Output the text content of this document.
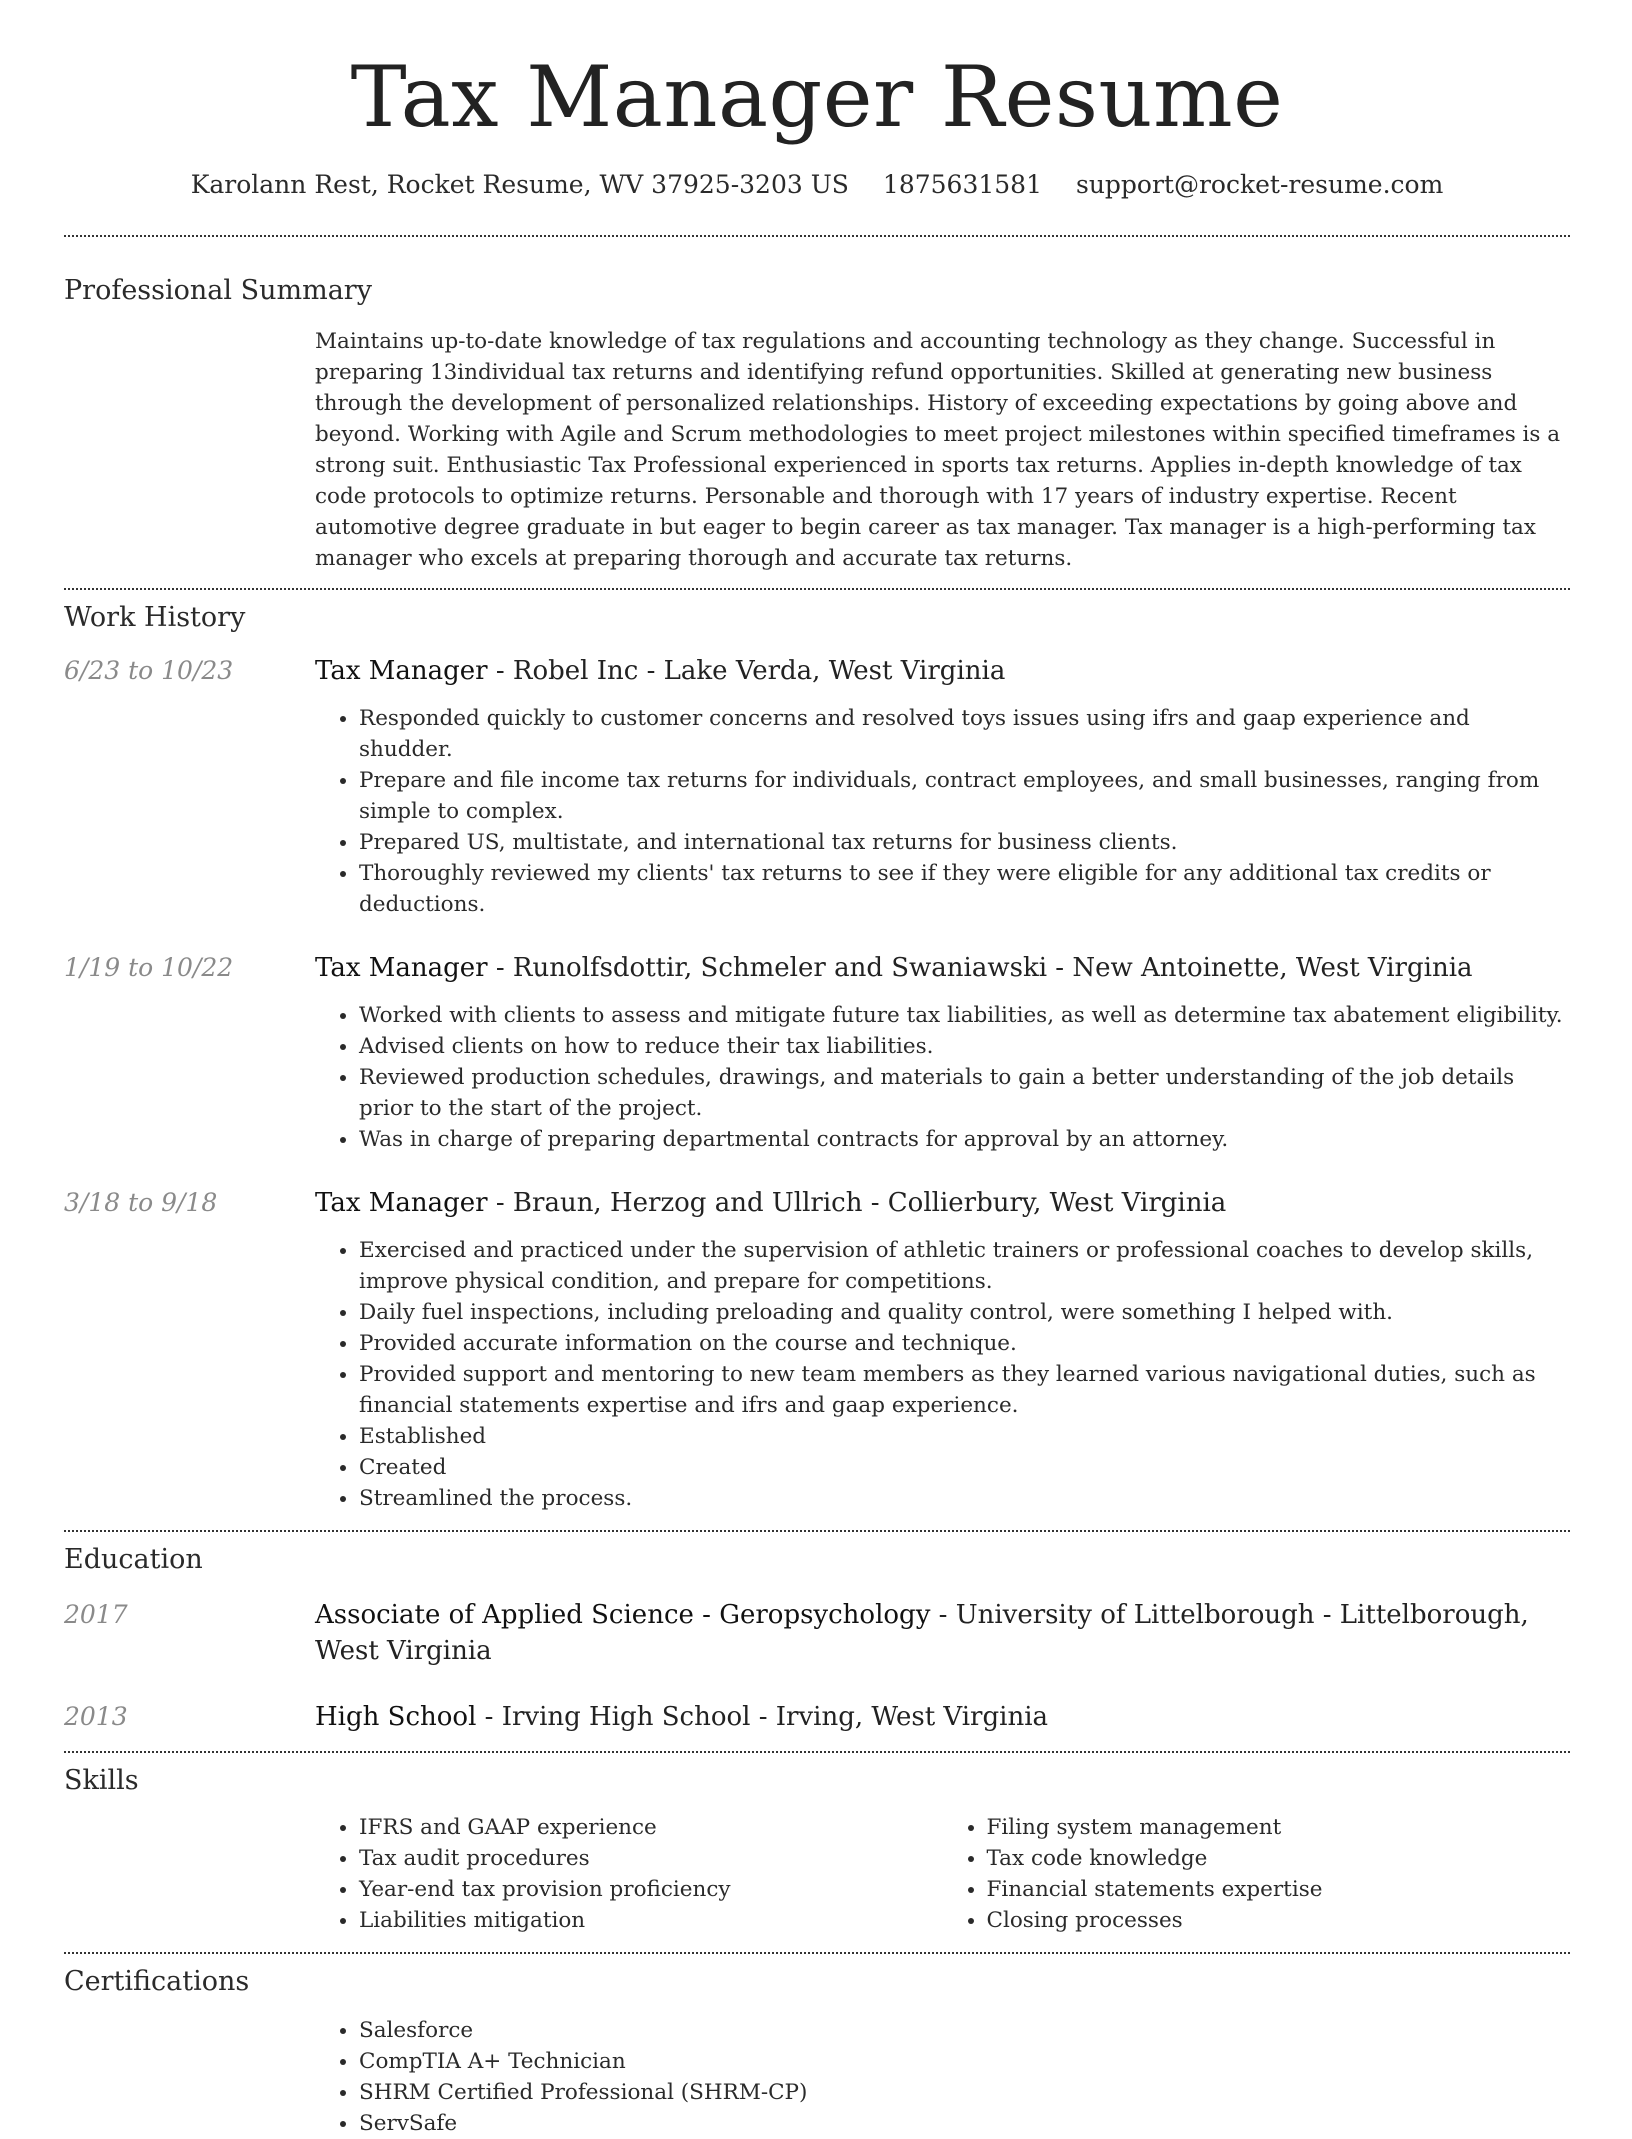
Tax Manager Resume
Karolann Rest, Rocket Resume, WV 37925-3203 US 1875631581 support@rocket-resume.com
Professional Summary

Maintains up-to-date knowledge of tax regulations and accounting technology as they change. Successful in preparing 13individual tax returns and identifying refund opportunities. Skilled at generating new business through the development of personalized relationships. History of exceeding expectations by going above and beyond. Working with Agile and Scrum methodologies to meet project milestones within specified timeframes is a strong suit. Enthusiastic Tax Professional experienced in sports tax returns. Applies in-depth knowledge of tax code protocols to optimize returns. Personable and thorough with 17 years of industry expertise. Recent automotive degree graduate in but eager to begin career as tax manager. Tax manager is a high-performing tax manager who excels at preparing thorough and accurate tax returns.

Work History
6/23 to 10/23	Tax Manager - Robel Inc - Lake Verda, West Virginia

• Responded quickly to customer concerns and resolved toys issues using ifrs and gaap experience and shudder.
• Prepare and file income tax returns for individuals, contract employees, and small businesses, ranging from simple to complex.
• Prepared US, multistate, and international tax returns for business clients.
• Thoroughly reviewed my clients' tax returns to see if they were eligible for any additional tax credits or deductions.
1/19 to 10/22	Tax Manager - Runolfsdottir, Schmeler and Swaniawski - New Antoinette, West Virginia

• Worked with clients to assess and mitigate future tax liabilities, as well as determine tax abatement eligibility.
• Advised clients on how to reduce their tax liabilities.
• Reviewed production schedules, drawings, and materials to gain a better understanding of the job details prior to the start of the project.
• Was in charge of preparing departmental contracts for approval by an attorney.
3/18 to 9/18	Tax Manager - Braun, Herzog and Ullrich - Collierbury, West Virginia

• Exercised and practiced under the supervision of athletic trainers or professional coaches to develop skills, improve physical condition, and prepare for competitions.
• Daily fuel inspections, including preloading and quality control, were something I helped with.
• Provided accurate information on the course and technique.
• Provided support and mentoring to new team members as they learned various navigational duties, such as financial statements expertise and ifrs and gaap experience.
• Established
• Created
• Streamlined the process.
Education
2017	Associate of Applied Science - Geropsychology - University of Littelborough - Littelborough, West Virginia

2013	High School - Irving High School - Irving, West Virginia

Skills
• IFRS and GAAP experience
• Tax audit procedures
• Year-end tax provision proficiency
• Liabilities mitigation
• Filing system management
• Tax code knowledge
• Financial statements expertise
• Closing processes
Certifications
• Salesforce
• CompTIA A+ Technician
• SHRM Certified Professional (SHRM-CP)
• ServSafe
